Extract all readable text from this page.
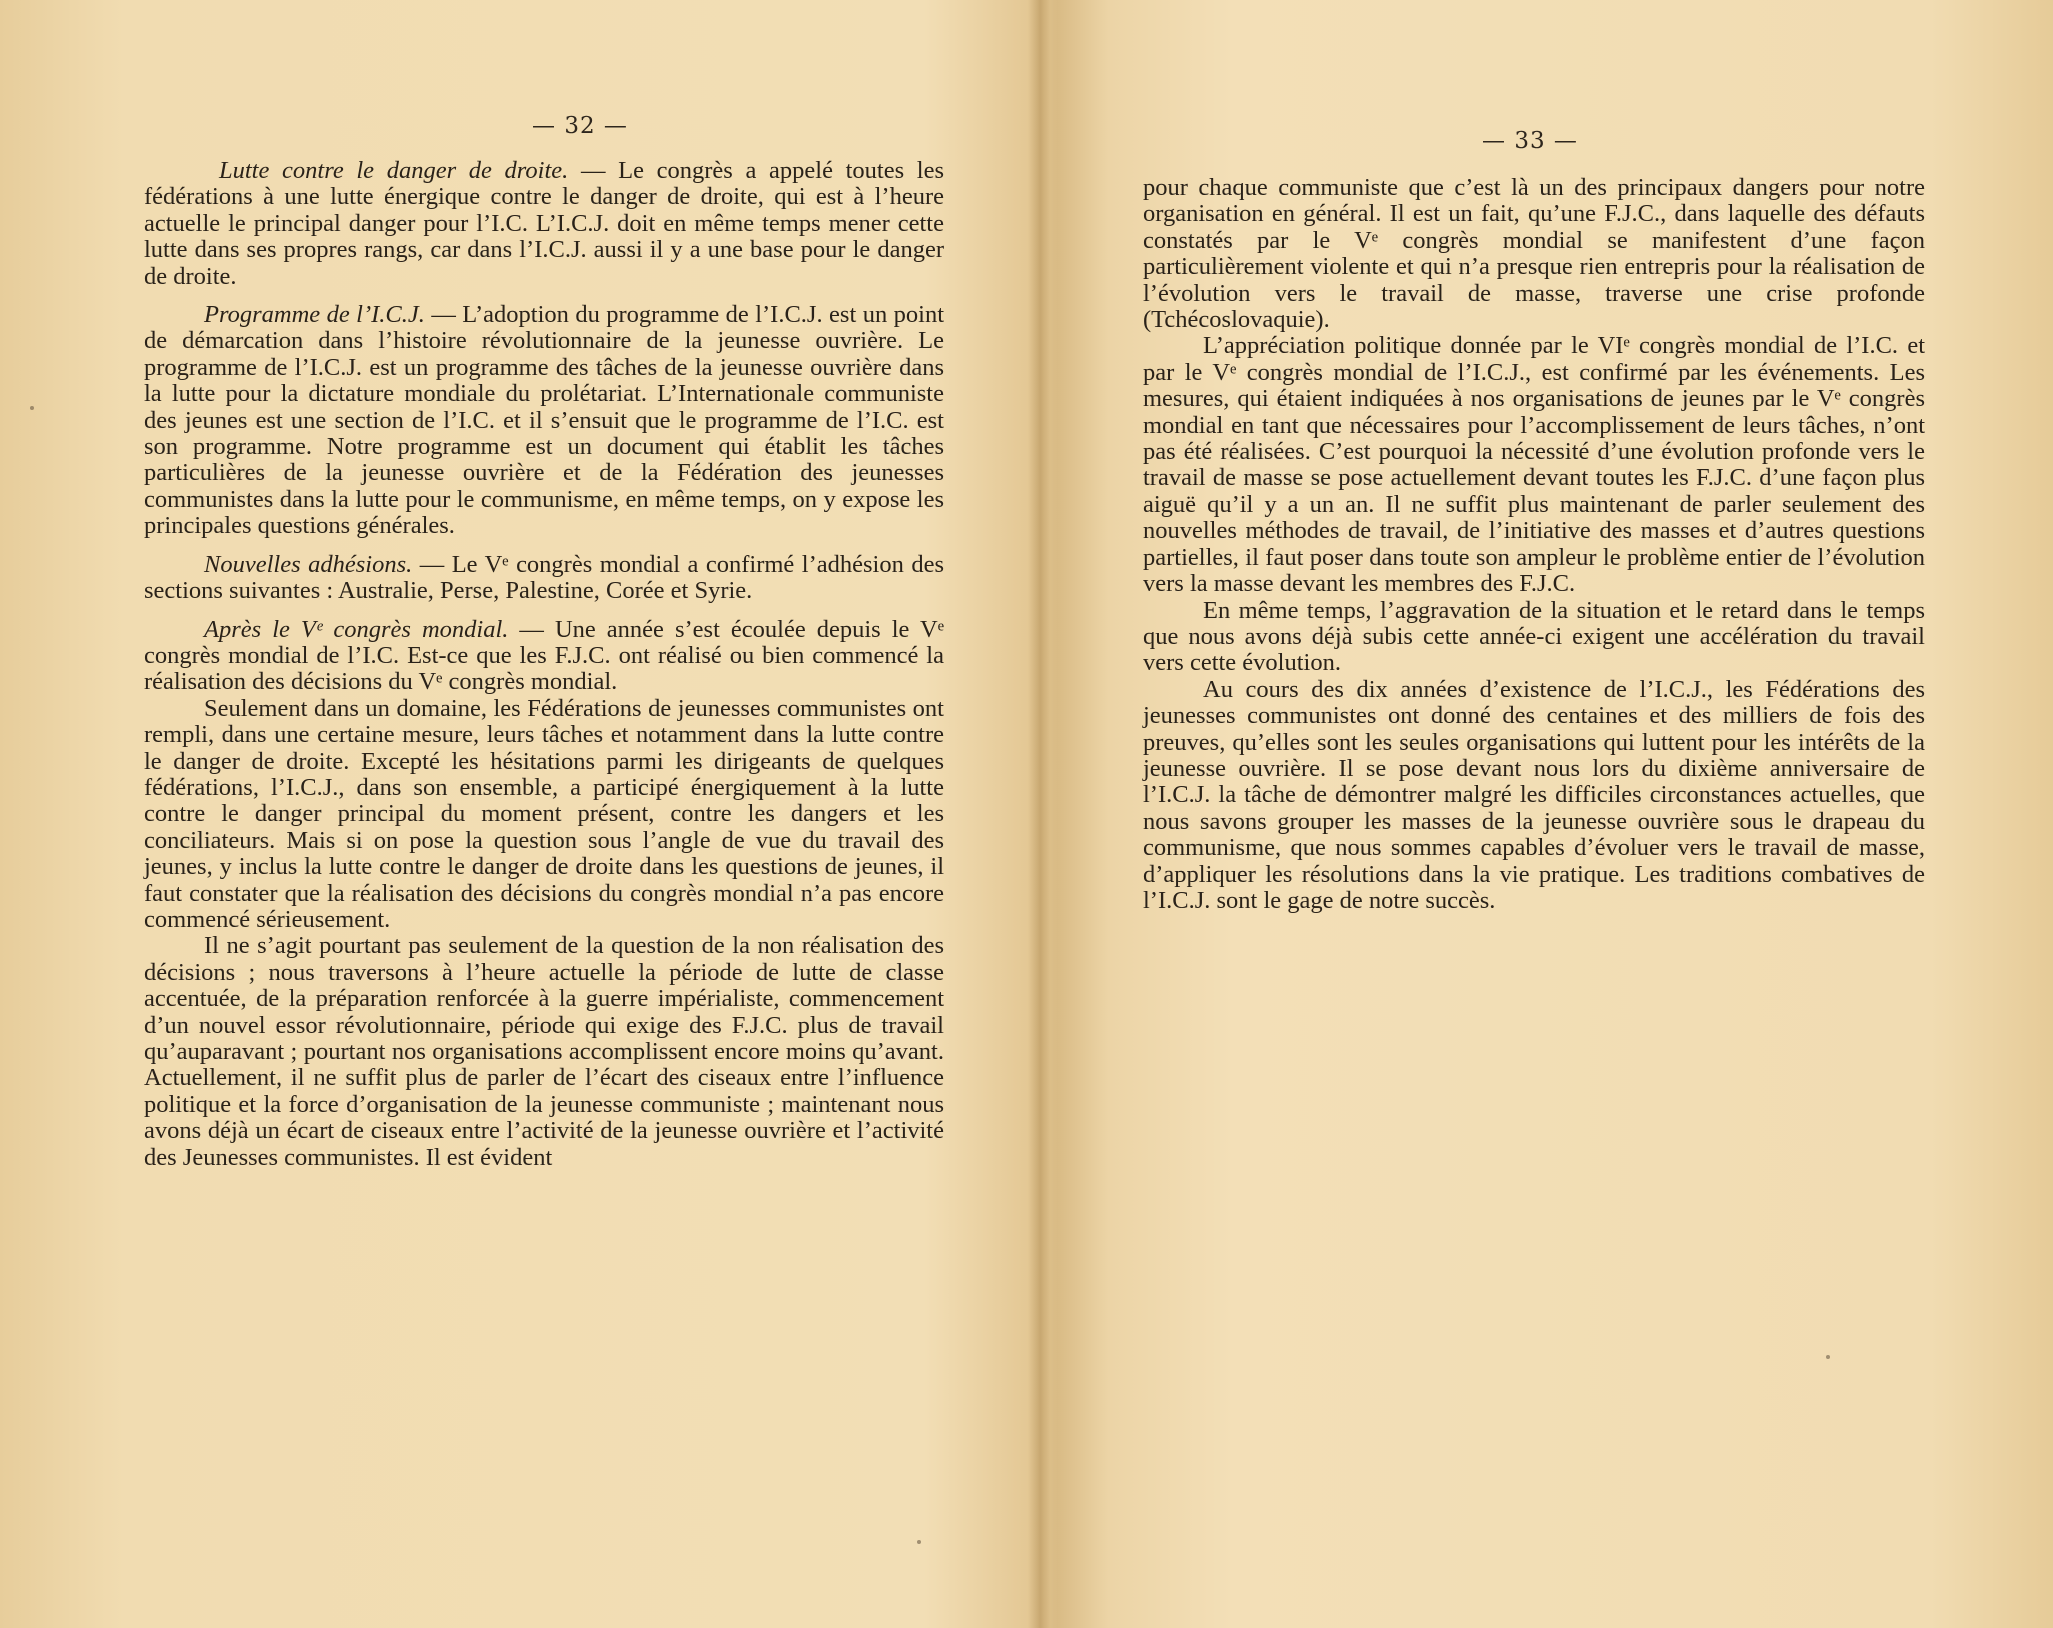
— 32 —
— 33 —

Lutte contre le danger de droite. — Le congrès a appelé toutes les fédérations à une lutte énergique contre le danger de droite, qui est à l’heure actuelle le principal danger pour l’I.C. L’I.C.J. doit en même temps mener cette lutte dans ses propres rangs, car dans l’I.C.J. aussi il y a une base pour le danger de droite.

Programme de l’I.C.J. — L’adoption du programme de l’I.C.J. est un point de démarcation dans l’histoire révolutionnaire de la jeunesse ouvrière. Le programme de l’I.C.J. est un programme des tâches de la jeunesse ouvrière dans la lutte pour la dictature mondiale du prolétariat. L’Internationale communiste des jeunes est une section de l’I.C. et il s’ensuit que le programme de l’I.C. est son programme. Notre programme est un document qui établit les tâches particulières de la jeunesse ouvrière et de la Fédération des jeunesses communistes dans la lutte pour le communisme, en même temps, on y expose les principales questions générales.

Nouvelles adhésions. — Le Vᵉ congrès mondial a confirmé l’adhésion des sections suivantes : Australie, Perse, Palestine, Corée et Syrie.

Après le Vᵉ congrès mondial. — Une année s’est écoulée depuis le Vᵉ congrès mondial de l’I.C. Est-ce que les F.J.C. ont réalisé ou bien commencé la réalisation des décisions du Vᵉ congrès mondial.

Seulement dans un domaine, les Fédérations de jeunesses communistes ont rempli, dans une certaine mesure, leurs tâches et notamment dans la lutte contre le danger de droite. Excepté les hésitations parmi les dirigeants de quelques fédérations, l’I.C.J., dans son ensemble, a participé énergiquement à la lutte contre le danger principal du moment présent, contre les dangers et les conciliateurs. Mais si on pose la question sous l’angle de vue du travail des jeunes, y inclus la lutte contre le danger de droite dans les questions de jeunes, il faut constater que la réalisation des décisions du congrès mondial n’a pas encore commencé sérieusement.

Il ne s’agit pourtant pas seulement de la question de la non réalisation des décisions ; nous traversons à l’heure actuelle la période de lutte de classe accentuée, de la préparation renforcée à la guerre impérialiste, commencement d’un nouvel essor révolutionnaire, période qui exige des F.J.C. plus de travail qu’auparavant ; pourtant nos organisations accomplissent encore moins qu’avant. Actuellement, il ne suffit plus de parler de l’écart des ciseaux entre l’influence politique et la force d’organisation de la jeunesse communiste ; maintenant nous avons déjà un écart de ciseaux entre l’activité de la jeunesse ouvrière et l’activité des Jeunesses communistes. Il est évident

pour chaque communiste que c’est là un des principaux dangers pour notre organisation en général. Il est un fait, qu’une F.J.C., dans laquelle des défauts constatés par le Vᵉ congrès mondial se manifestent d’une façon particulièrement violente et qui n’a presque rien entrepris pour la réalisation de l’évolution vers le travail de masse, traverse une crise profonde (Tchécoslovaquie).

L’appréciation politique donnée par le VIᵉ congrès mondial de l’I.C. et par le Vᵉ congrès mondial de l’I.C.J., est confirmé par les événements. Les mesures, qui étaient indiquées à nos organisations de jeunes par le Vᵉ congrès mondial en tant que nécessaires pour l’accomplissement de leurs tâches, n’ont pas été réalisées. C’est pourquoi la nécessité d’une évolution profonde vers le travail de masse se pose actuellement devant toutes les F.J.C. d’une façon plus aiguë qu’il y a un an. Il ne suffit plus maintenant de parler seulement des nouvelles méthodes de travail, de l’initiative des masses et d’autres questions partielles, il faut poser dans toute son ampleur le problème entier de l’évolution vers la masse devant les membres des F.J.C.

En même temps, l’aggravation de la situation et le retard dans le temps que nous avons déjà subis cette année-ci exigent une accélération du travail vers cette évolution.

Au cours des dix années d’existence de l’I.C.J., les Fédérations des jeunesses communistes ont donné des centaines et des milliers de fois des preuves, qu’elles sont les seules organisations qui luttent pour les intérêts de la jeunesse ouvrière. Il se pose devant nous lors du dixième anniversaire de l’I.C.J. la tâche de démontrer malgré les difficiles circonstances actuelles, que nous savons grouper les masses de la jeunesse ouvrière sous le drapeau du communisme, que nous sommes capables d’évoluer vers le travail de masse, d’appliquer les résolutions dans la vie pratique. Les traditions combatives de l’I.C.J. sont le gage de notre succès.
